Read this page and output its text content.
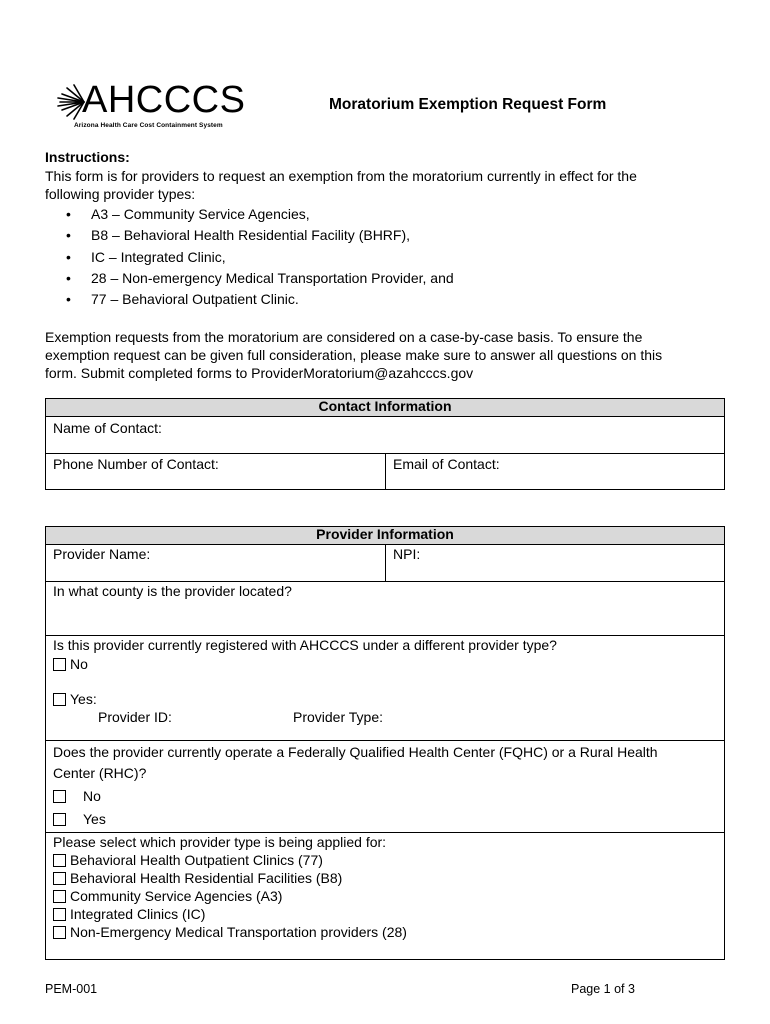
AHCCCS
Arizona Health Care Cost Containment System
Moratorium Exemption Request Form
Instructions:
This form is for providers to request an exemption from the moratorium currently in effect for the
following provider types:
• A3 – Community Service Agencies,
• B8 – Behavioral Health Residential Facility (BHRF),
• IC – Integrated Clinic,
• 28 – Non-emergency Medical Transportation Provider, and
• 77 – Behavioral Outpatient Clinic.
Exemption requests from the moratorium are considered on a case-by-case basis. To ensure the
exemption request can be given full consideration, please make sure to answer all questions on this
form. Submit completed forms to ProviderMoratorium@azahcccs.gov
Contact Information
Name of Contact:
Phone Number of Contact:	Email of Contact:
Provider Information
Provider Name:	NPI:
In what county is the provider located?
Is this provider currently registered with AHCCCS under a different provider type?
No
Yes:
Provider ID:	Provider Type:
Does the provider currently operate a Federally Qualified Health Center (FQHC) or a Rural Health
Center (RHC)?
No
Yes
Please select which provider type is being applied for:
Behavioral Health Outpatient Clinics (77)
Behavioral Health Residential Facilities (B8)
Community Service Agencies (A3)
Integrated Clinics (IC)
Non-Emergency Medical Transportation providers (28)
PEM-001	Page 1 of 3
